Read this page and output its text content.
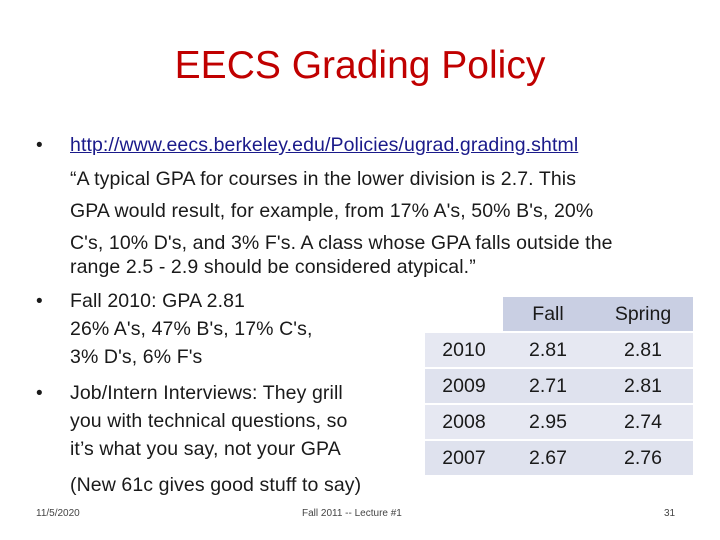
EECS Grading Policy
• http://www.eecs.berkeley.edu/Policies/ugrad.grading.shtml
“A typical GPA for courses in the lower division is 2.7. This
GPA would result, for example, from 17% A's, 50% B's, 20%
C's, 10% D's, and 3% F's. A class whose GPA falls outside the
range 2.5 - 2.9 should be considered atypical.”
• Fall 2010: GPA 2.81
26% A's, 47% B's, 17% C's,
3% D's, 6% F's
• Job/Intern Interviews: They grill
you with technical questions, so
it’s what you say, not your GPA
(New 61c gives good stuff to say)
	Fall	Spring
2010	2.81	2.81
2009	2.71	2.81
2008	2.95	2.74
2007	2.67	2.76
11/5/2020	Fall 2011 -- Lecture #1	31
